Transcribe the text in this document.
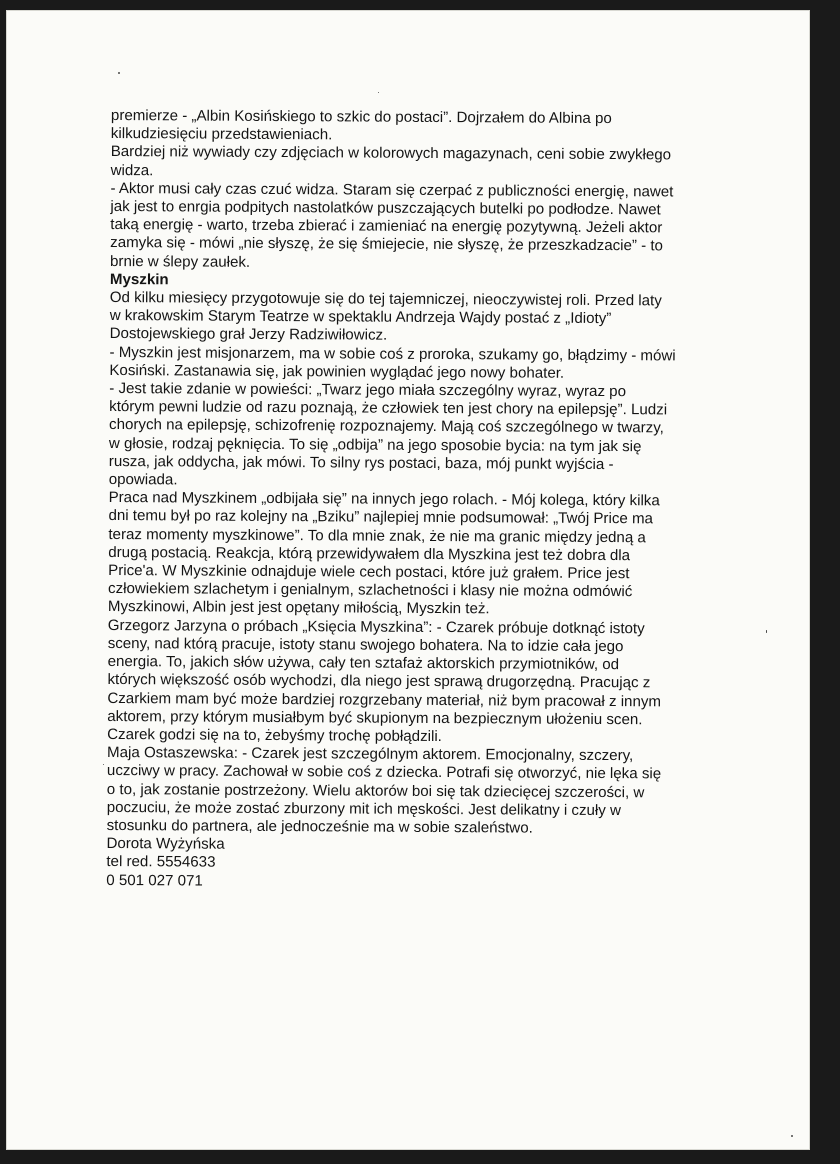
premierze - „Albin Kosińskiego to szkic do postaci”. Dojrzałem do Albina po
kilkudziesięciu przedstawieniach.
Bardziej niż wywiady czy zdjęciach w kolorowych magazynach, ceni sobie zwykłego
widza.
- Aktor musi cały czas czuć widza. Staram się czerpać z publiczności energię, nawet
jak jest to enrgia podpitych nastolatków puszczających butelki po podłodze. Nawet
taką energię - warto, trzeba zbierać i zamieniać na energię pozytywną. Jeżeli aktor
zamyka się - mówi „nie słyszę, że się śmiejecie, nie słyszę, że przeszkadzacie” - to
brnie w ślepy zaułek.
Myszkin
Od kilku miesięcy przygotowuje się do tej tajemniczej, nieoczywistej roli. Przed laty
w krakowskim Starym Teatrze w spektaklu Andrzeja Wajdy postać z „Idioty”
Dostojewskiego grał Jerzy Radziwiłowicz.
- Myszkin jest misjonarzem, ma w sobie coś z proroka, szukamy go, błądzimy - mówi
Kosiński. Zastanawia się, jak powinien wyglądać jego nowy bohater.
- Jest takie zdanie w powieści: „Twarz jego miała szczególny wyraz, wyraz po
którym pewni ludzie od razu poznają, że człowiek ten jest chory na epilepsję”. Ludzi
chorych na epilepsję, schizofrenię rozpoznajemy. Mają coś szczególnego w twarzy,
w głosie, rodzaj pęknięcia. To się „odbija” na jego sposobie bycia: na tym jak się
rusza, jak oddycha, jak mówi. To silny rys postaci, baza, mój punkt wyjścia -
opowiada.
Praca nad Myszkinem „odbijała się” na innych jego rolach. - Mój kolega, który kilka
dni temu był po raz kolejny na „Bziku” najlepiej mnie podsumował: „Twój Price ma
teraz momenty myszkinowe”. To dla mnie znak, że nie ma granic między jedną a
drugą postacią. Reakcja, którą przewidywałem dla Myszkina jest też dobra dla
Price'a. W Myszkinie odnajduje wiele cech postaci, które już grałem. Price jest
człowiekiem szlachetym i genialnym, szlachetności i klasy nie można odmówić
Myszkinowi, Albin jest jest opętany miłością, Myszkin też.
Grzegorz Jarzyna o próbach „Księcia Myszkina”: - Czarek próbuje dotknąć istoty
sceny, nad którą pracuje, istoty stanu swojego bohatera. Na to idzie cała jego
energia. To, jakich słów używa, cały ten sztafaż aktorskich przymiotników, od
których większość osób wychodzi, dla niego jest sprawą drugorzędną. Pracując z
Czarkiem mam być może bardziej rozgrzebany materiał, niż bym pracował z innym
aktorem, przy którym musiałbym być skupionym na bezpiecznym ułożeniu scen.
Czarek godzi się na to, żebyśmy trochę pobłądzili.
Maja Ostaszewska: - Czarek jest szczególnym aktorem. Emocjonalny, szczery,
uczciwy w pracy. Zachował w sobie coś z dziecka. Potrafi się otworzyć, nie lęka się
o to, jak zostanie postrzeżony. Wielu aktorów boi się tak dziecięcej szczerości, w
poczuciu, że może zostać zburzony mit ich męskości. Jest delikatny i czuły w
stosunku do partnera, ale jednocześnie ma w sobie szaleństwo.
Dorota Wyżyńska
tel red. 5554633
0 501 027 071
